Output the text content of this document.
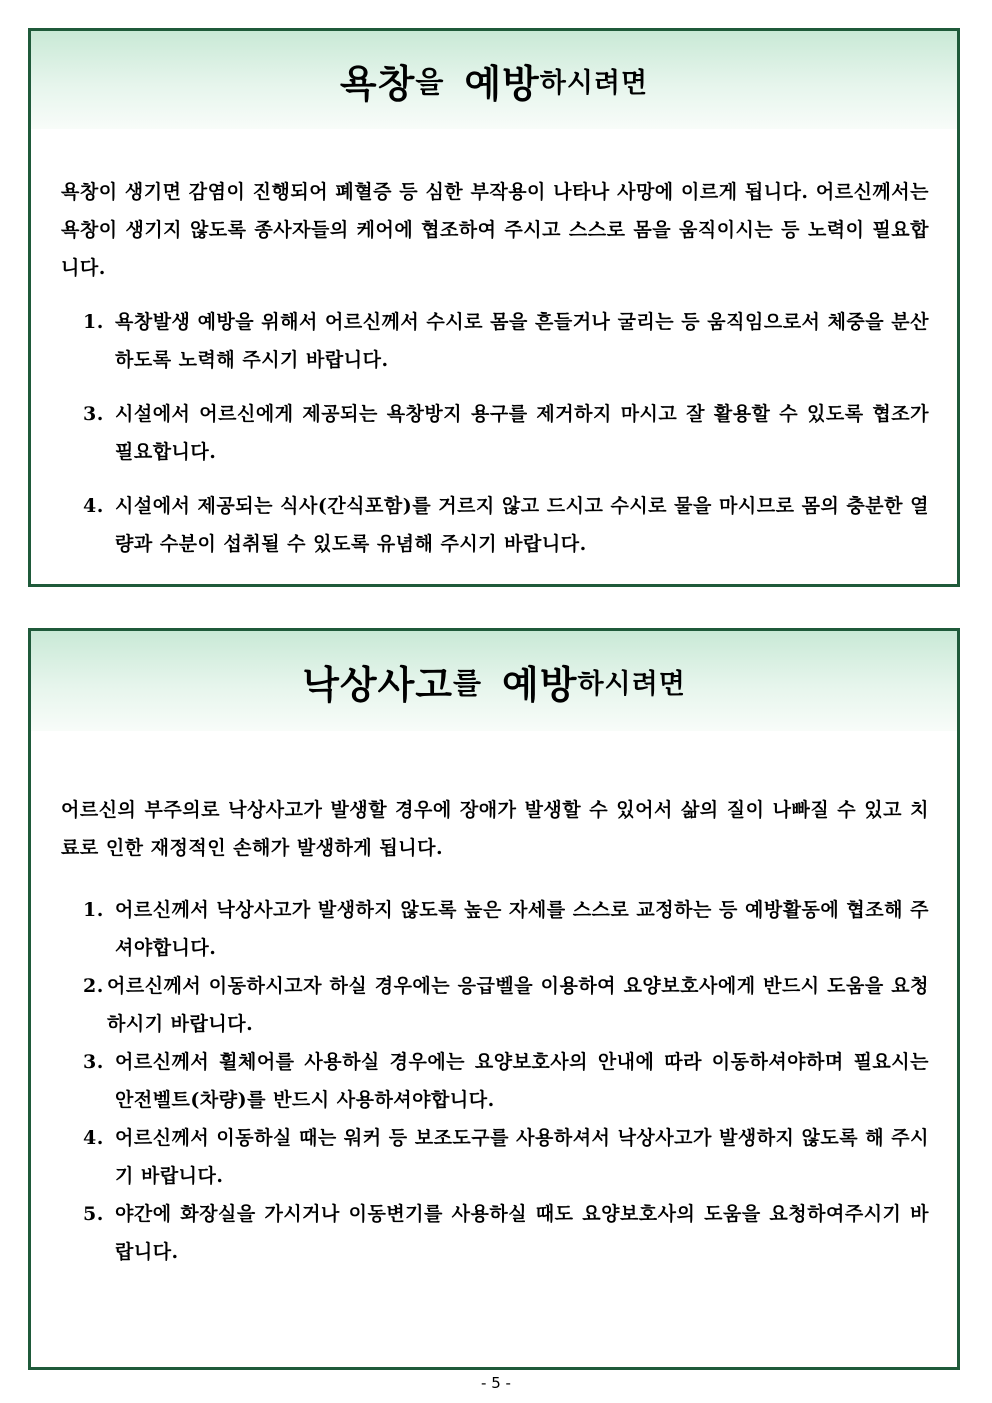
욕창 을 예방 하시려면

욕창이 생기면 감염이 진행되어 폐혈증 등 심한 부작용이 나타나 사망에 이르게 됩니다. 어르신께서는 욕창이 생기지 않도록 종사자들의 케어에 협조하여 주시고 스스로 몸을 움직이시는 등 노력이 필요합니다.

1. 욕창발생 예방을 위해서 어르신께서 수시로 몸을 흔들거나 굴리는 등 움직임으로서 체중을 분산하도록 노력해 주시기 바랍니다.
3. 시설에서 어르신에게 제공되는 욕창방지 용구를 제거하지 마시고 잘 활용할 수 있도록 협조가 필요합니다.
4. 시설에서 제공되는 식사(간식포함)를 거르지 않고 드시고 수시로 물을 마시므로 몸의 충분한 열량과 수분이 섭취될 수 있도록 유념해 주시기 바랍니다.
낙상사고 를 예방 하시려면

어르신의 부주의로 낙상사고가 발생할 경우에 장애가 발생할 수 있어서 삶의 질이 나빠질 수 있고 치료로 인한 재정적인 손해가 발생하게 됩니다.

1. 어르신께서 낙상사고가 발생하지 않도록 높은 자세를 스스로 교정하는 등 예방활동에 협조해 주셔야합니다.
2. 어르신께서 이동하시고자 하실 경우에는 응급벨을 이용하여 요양보호사에게 반드시 도움을 요청하시기 바랍니다.
3. 어르신께서 휠체어를 사용하실 경우에는 요양보호사의 안내에 따라 이동하셔야하며 필요시는 안전벨트(차량)를 반드시 사용하셔야합니다.
4. 어르신께서 이동하실 때는 워커 등 보조도구를 사용하셔서 낙상사고가 발생하지 않도록 해 주시기 바랍니다.
5. 야간에 화장실을 가시거나 이동변기를 사용하실 때도 요양보호사의 도움을 요청하여주시기 바랍니다.
- 5 -
